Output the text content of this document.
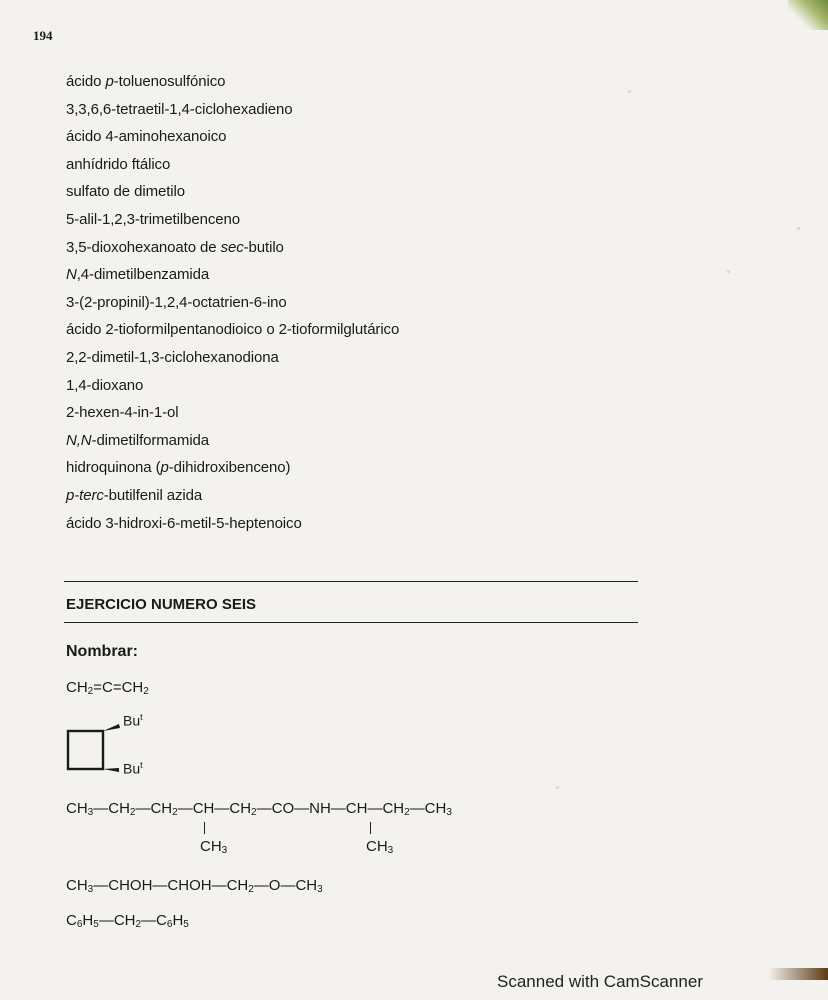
194
ácido p-toluenosulfónico
3,3,6,6-tetraetil-1,4-ciclohexadieno
ácido 4-aminohexanoico
anhídrido ftálico
sulfato de dimetilo
5-alil-1,2,3-trimetilbenceno
3,5-dioxohexanoato de sec-butilo
N,4-dimetilbenzamida
3-(2-propinil)-1,2,4-octatrien-6-ino
ácido 2-tioformilpentanodioico o 2-tioformilglutárico
2,2-dimetil-1,3-ciclohexanodiona
1,4-dioxano
2-hexen-4-in-1-ol
N,N-dimetilformamida
hidroquinona (p-dihidroxibenceno)
p-terc-butilfenil azida
ácido 3-hidroxi-6-metil-5-heptenoico
EJERCICIO NUMERO SEIS
Nombrar:
$CH_2=C=CH_2$
Bu$^t$
Bu$^t$
$CH_3—CH_2—CH_2—CH—CH_2—CO—NH—CH—CH_2—CH_3$
$CH_3$	$CH_3$
$CH_3—CHOH—CHOH—CH_2—O—CH_3$
$C_6H_5—CH_2—C_6H_5$
Scanned with CamScanner
